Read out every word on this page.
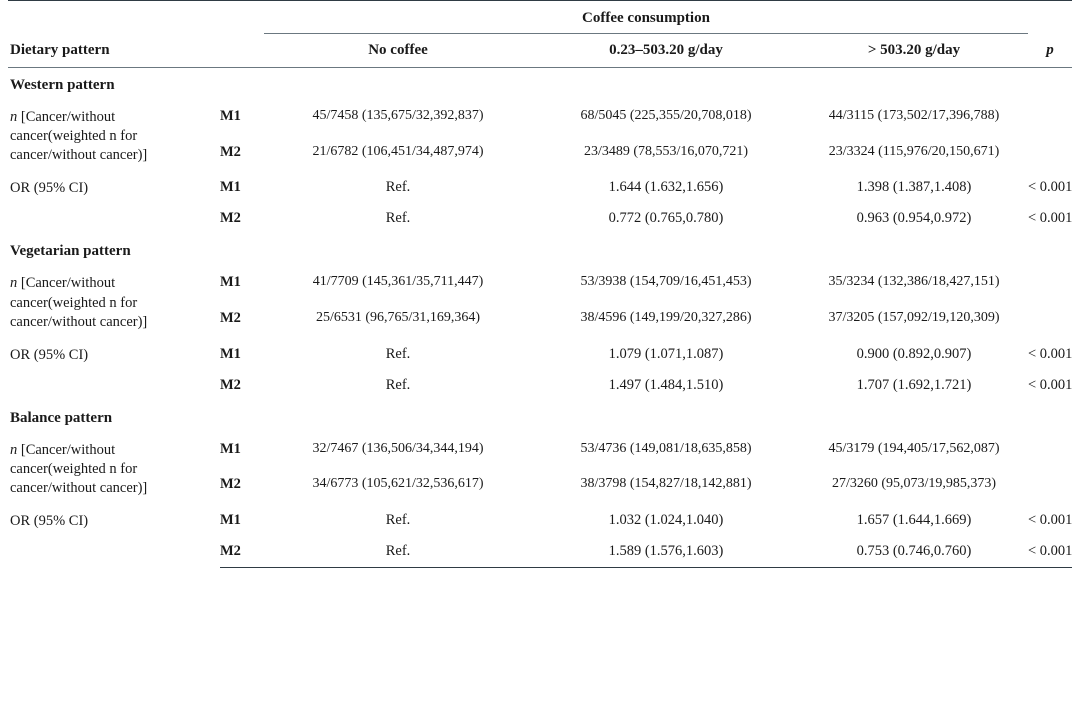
		Coffee consumption			

Dietary pattern		No coffee	0.23–503.20 g/day	> 503.20 g/day	p
Western pattern					
n [Cancer/without cancer(weighted n for cancer/without cancer)]	M1	45/7458 (135,675/32,392,837)	68/5045 (225,355/20,708,018)	44/3115 (173,502/17,396,788)	
	M2	21/6782 (106,451/34,487,974)	23/3489 (78,553/16,070,721)	23/3324 (115,976/20,150,671)	
OR (95% CI)	M1	Ref.	1.644 (1.632,1.656)	1.398 (1.387,1.408)	< 0.001
	M2	Ref.	0.772 (0.765,0.780)	0.963 (0.954,0.972)	< 0.001
Vegetarian pattern					
n [Cancer/without cancer(weighted n for cancer/without cancer)]	M1	41/7709 (145,361/35,711,447)	53/3938 (154,709/16,451,453)	35/3234 (132,386/18,427,151)	
	M2	25/6531 (96,765/31,169,364)	38/4596 (149,199/20,327,286)	37/3205 (157,092/19,120,309)	
OR (95% CI)	M1	Ref.	1.079 (1.071,1.087)	0.900 (0.892,0.907)	< 0.001
	M2	Ref.	1.497 (1.484,1.510)	1.707 (1.692,1.721)	< 0.001
Balance pattern					
n [Cancer/without cancer(weighted n for cancer/without cancer)]	M1	32/7467 (136,506/34,344,194)	53/4736 (149,081/18,635,858)	45/3179 (194,405/17,562,087)	
	M2	34/6773 (105,621/32,536,617)	38/3798 (154,827/18,142,881)	27/3260 (95,073/19,985,373)	
OR (95% CI)	M1	Ref.	1.032 (1.024,1.040)	1.657 (1.644,1.669)	< 0.001
	M2	Ref.	1.589 (1.576,1.603)	0.753 (0.746,0.760)	< 0.001
